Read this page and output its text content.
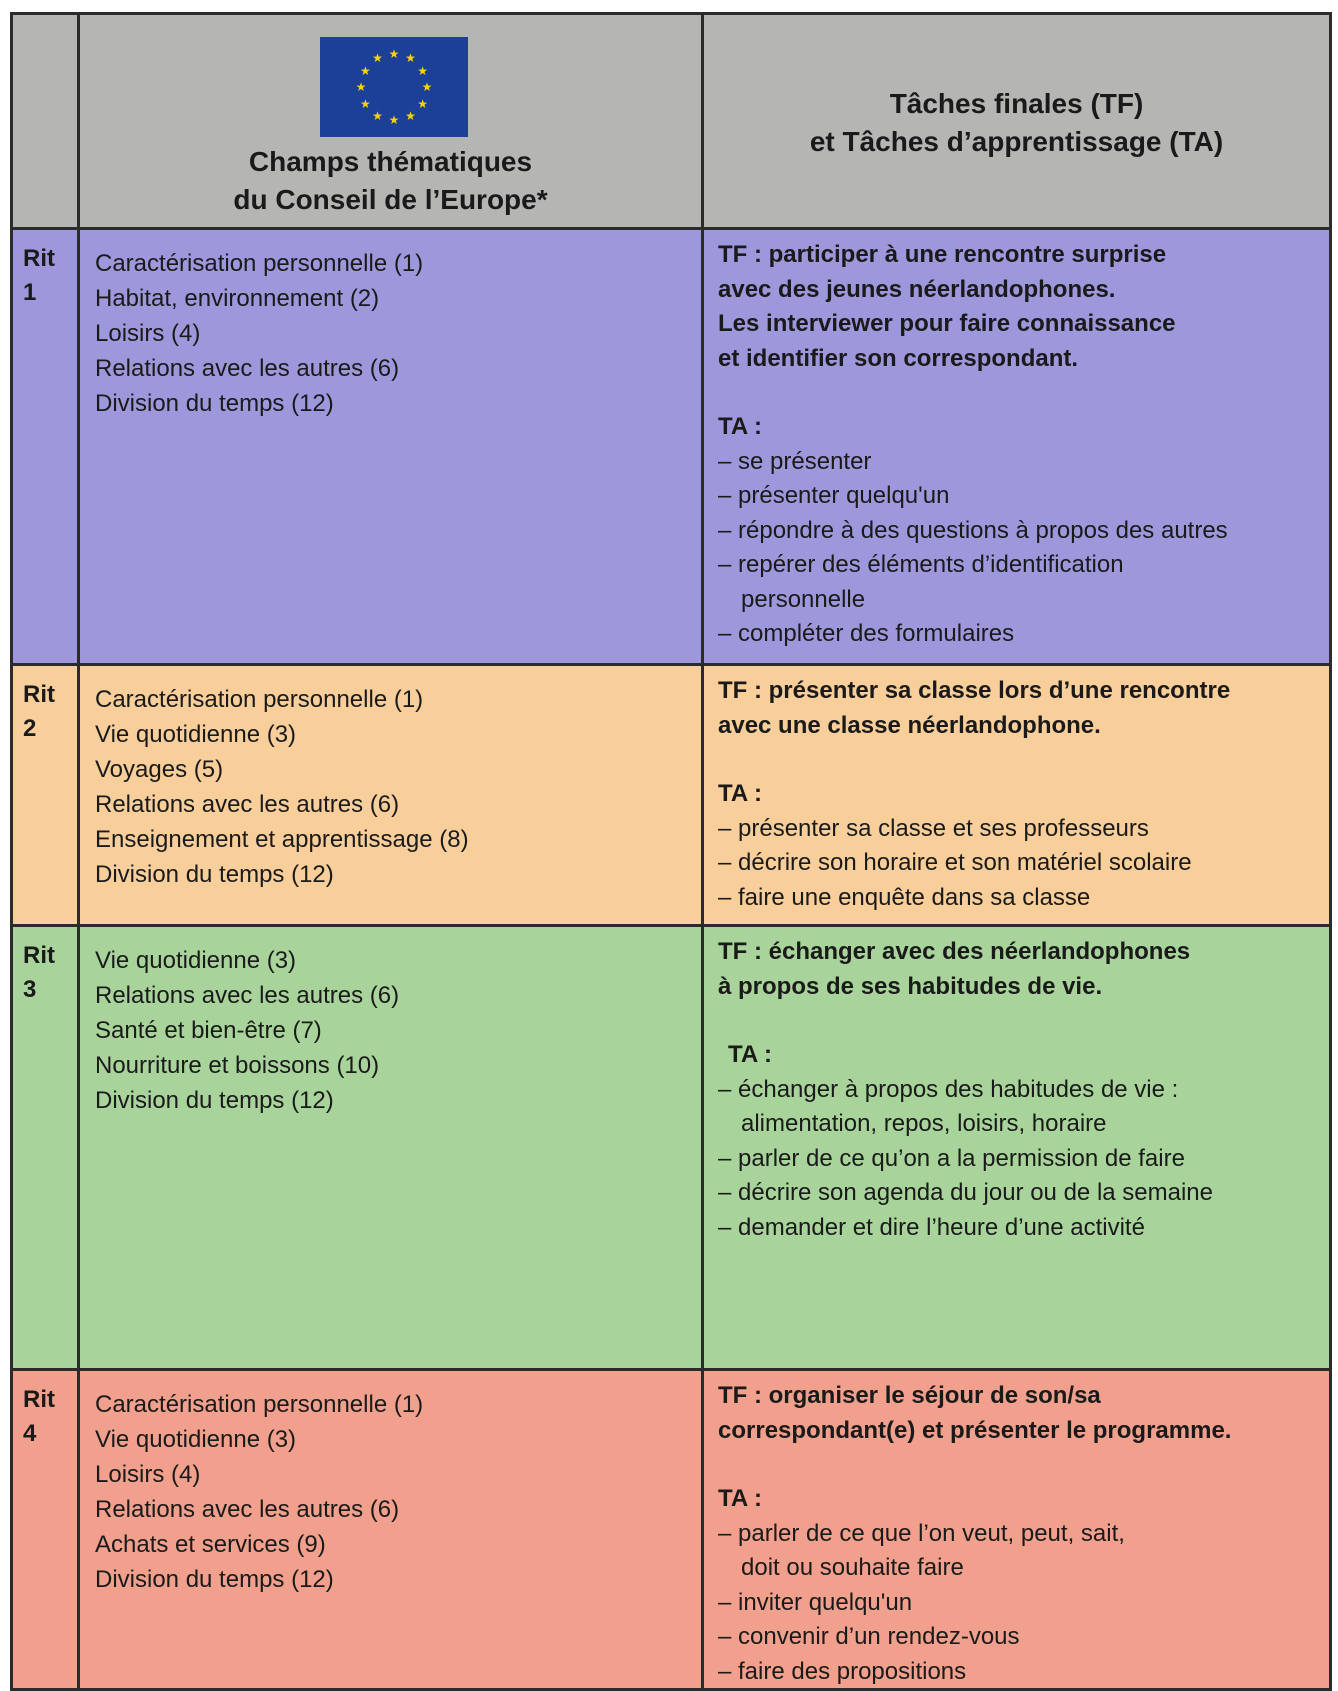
★ ★
★
★
★
★
★
★
★
★
★
★
Champs thématiques
du Conseil de l’Europe*
Tâches finales (TF)
et Tâches d’apprentissage (TA)
Rit
1
Caractérisation personnelle (1)
Habitat, environnement (2)
Loisirs (4)
Relations avec les autres (6)
Division du temps (12)
TF : participer à une rencontre surprise
avec des jeunes néerlandophones.
Les interviewer pour faire connaissance
et identifier son correspondant.
TA :
– se présenter
– présenter quelqu'un
– répondre à des questions à propos des autres
– repérer des éléments d’identification
personnelle
– compléter des formulaires
Rit
2
Caractérisation personnelle (1)
Vie quotidienne (3)
Voyages (5)
Relations avec les autres (6)
Enseignement et apprentissage (8)
Division du temps (12)
TF : présenter sa classe lors d’une rencontre
avec une classe néerlandophone.
TA :
– présenter sa classe et ses professeurs
– décrire son horaire et son matériel scolaire
– faire une enquête dans sa classe
Rit
3
Vie quotidienne (3)
Relations avec les autres (6)
Santé et bien-être (7)
Nourriture et boissons (10)
Division du temps (12)
TF : échanger avec des néerlandophones
à propos de ses habitudes de vie.
TA :
– échanger à propos des habitudes de vie :
alimentation, repos, loisirs, horaire
– parler de ce qu’on a la permission de faire
– décrire son agenda du jour ou de la semaine
– demander et dire l’heure d’une activité
Rit
4
Caractérisation personnelle (1)
Vie quotidienne (3)
Loisirs (4)
Relations avec les autres (6)
Achats et services (9)
Division du temps (12)
TF : organiser le séjour de son/sa
correspondant(e) et présenter le programme.
TA :
– parler de ce que l’on veut, peut, sait,
doit ou souhaite faire
– inviter quelqu'un
– convenir d’un rendez-vous
– faire des propositions
